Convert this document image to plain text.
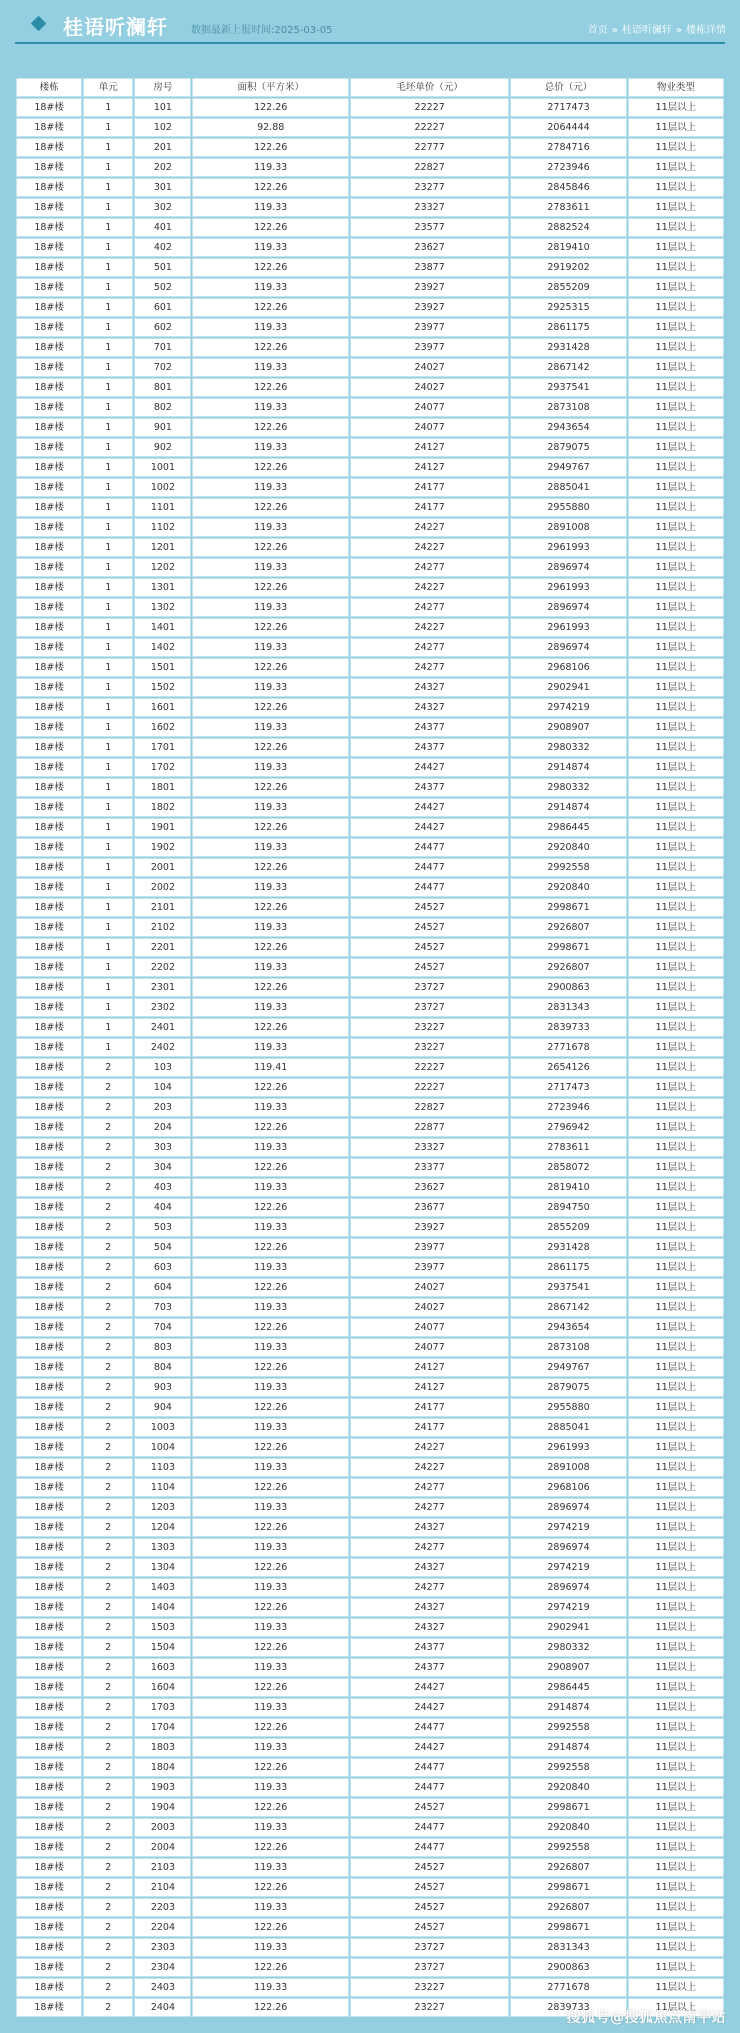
桂语听澜轩 数据最新上报时间:2025-03-05	首页 » 桂语听澜轩 » 楼栋详情
楼栋	单元	房号	面积（平方米）	毛坯单价（元）	总价（元）	物业类型
18#楼	1	101	122.26	22227	2717473	11层以上
18#楼	1	102	92.88	22227	2064444	11层以上
18#楼	1	201	122.26	22777	2784716	11层以上
18#楼	1	202	119.33	22827	2723946	11层以上
18#楼	1	301	122.26	23277	2845846	11层以上
18#楼	1	302	119.33	23327	2783611	11层以上
18#楼	1	401	122.26	23577	2882524	11层以上
18#楼	1	402	119.33	23627	2819410	11层以上
18#楼	1	501	122.26	23877	2919202	11层以上
18#楼	1	502	119.33	23927	2855209	11层以上
18#楼	1	601	122.26	23927	2925315	11层以上
18#楼	1	602	119.33	23977	2861175	11层以上
18#楼	1	701	122.26	23977	2931428	11层以上
18#楼	1	702	119.33	24027	2867142	11层以上
18#楼	1	801	122.26	24027	2937541	11层以上
18#楼	1	802	119.33	24077	2873108	11层以上
18#楼	1	901	122.26	24077	2943654	11层以上
18#楼	1	902	119.33	24127	2879075	11层以上
18#楼	1	1001	122.26	24127	2949767	11层以上
18#楼	1	1002	119.33	24177	2885041	11层以上
18#楼	1	1101	122.26	24177	2955880	11层以上
18#楼	1	1102	119.33	24227	2891008	11层以上
18#楼	1	1201	122.26	24227	2961993	11层以上
18#楼	1	1202	119.33	24277	2896974	11层以上
18#楼	1	1301	122.26	24227	2961993	11层以上
18#楼	1	1302	119.33	24277	2896974	11层以上
18#楼	1	1401	122.26	24227	2961993	11层以上
18#楼	1	1402	119.33	24277	2896974	11层以上
18#楼	1	1501	122.26	24277	2968106	11层以上
18#楼	1	1502	119.33	24327	2902941	11层以上
18#楼	1	1601	122.26	24327	2974219	11层以上
18#楼	1	1602	119.33	24377	2908907	11层以上
18#楼	1	1701	122.26	24377	2980332	11层以上
18#楼	1	1702	119.33	24427	2914874	11层以上
18#楼	1	1801	122.26	24377	2980332	11层以上
18#楼	1	1802	119.33	24427	2914874	11层以上
18#楼	1	1901	122.26	24427	2986445	11层以上
18#楼	1	1902	119.33	24477	2920840	11层以上
18#楼	1	2001	122.26	24477	2992558	11层以上
18#楼	1	2002	119.33	24477	2920840	11层以上
18#楼	1	2101	122.26	24527	2998671	11层以上
18#楼	1	2102	119.33	24527	2926807	11层以上
18#楼	1	2201	122.26	24527	2998671	11层以上
18#楼	1	2202	119.33	24527	2926807	11层以上
18#楼	1	2301	122.26	23727	2900863	11层以上
18#楼	1	2302	119.33	23727	2831343	11层以上
18#楼	1	2401	122.26	23227	2839733	11层以上
18#楼	1	2402	119.33	23227	2771678	11层以上
18#楼	2	103	119.41	22227	2654126	11层以上
18#楼	2	104	122.26	22227	2717473	11层以上
18#楼	2	203	119.33	22827	2723946	11层以上
18#楼	2	204	122.26	22877	2796942	11层以上
18#楼	2	303	119.33	23327	2783611	11层以上
18#楼	2	304	122.26	23377	2858072	11层以上
18#楼	2	403	119.33	23627	2819410	11层以上
18#楼	2	404	122.26	23677	2894750	11层以上
18#楼	2	503	119.33	23927	2855209	11层以上
18#楼	2	504	122.26	23977	2931428	11层以上
18#楼	2	603	119.33	23977	2861175	11层以上
18#楼	2	604	122.26	24027	2937541	11层以上
18#楼	2	703	119.33	24027	2867142	11层以上
18#楼	2	704	122.26	24077	2943654	11层以上
18#楼	2	803	119.33	24077	2873108	11层以上
18#楼	2	804	122.26	24127	2949767	11层以上
18#楼	2	903	119.33	24127	2879075	11层以上
18#楼	2	904	122.26	24177	2955880	11层以上
18#楼	2	1003	119.33	24177	2885041	11层以上
18#楼	2	1004	122.26	24227	2961993	11层以上
18#楼	2	1103	119.33	24227	2891008	11层以上
18#楼	2	1104	122.26	24277	2968106	11层以上
18#楼	2	1203	119.33	24277	2896974	11层以上
18#楼	2	1204	122.26	24327	2974219	11层以上
18#楼	2	1303	119.33	24277	2896974	11层以上
18#楼	2	1304	122.26	24327	2974219	11层以上
18#楼	2	1403	119.33	24277	2896974	11层以上
18#楼	2	1404	122.26	24327	2974219	11层以上
18#楼	2	1503	119.33	24327	2902941	11层以上
18#楼	2	1504	122.26	24377	2980332	11层以上
18#楼	2	1603	119.33	24377	2908907	11层以上
18#楼	2	1604	122.26	24427	2986445	11层以上
18#楼	2	1703	119.33	24427	2914874	11层以上
18#楼	2	1704	122.26	24477	2992558	11层以上
18#楼	2	1803	119.33	24427	2914874	11层以上
18#楼	2	1804	122.26	24477	2992558	11层以上
18#楼	2	1903	119.33	24477	2920840	11层以上
18#楼	2	1904	122.26	24527	2998671	11层以上
18#楼	2	2003	119.33	24477	2920840	11层以上
18#楼	2	2004	122.26	24477	2992558	11层以上
18#楼	2	2103	119.33	24527	2926807	11层以上
18#楼	2	2104	122.26	24527	2998671	11层以上
18#楼	2	2203	119.33	24527	2926807	11层以上
18#楼	2	2204	122.26	24527	2998671	11层以上
18#楼	2	2303	119.33	23727	2831343	11层以上
18#楼	2	2304	122.26	23727	2900863	11层以上
18#楼	2	2403	119.33	23227	2771678	11层以上
18#楼	2	2404	122.26	23227	2839733	11层以上
搜狐号@搜狐焦点南平站
